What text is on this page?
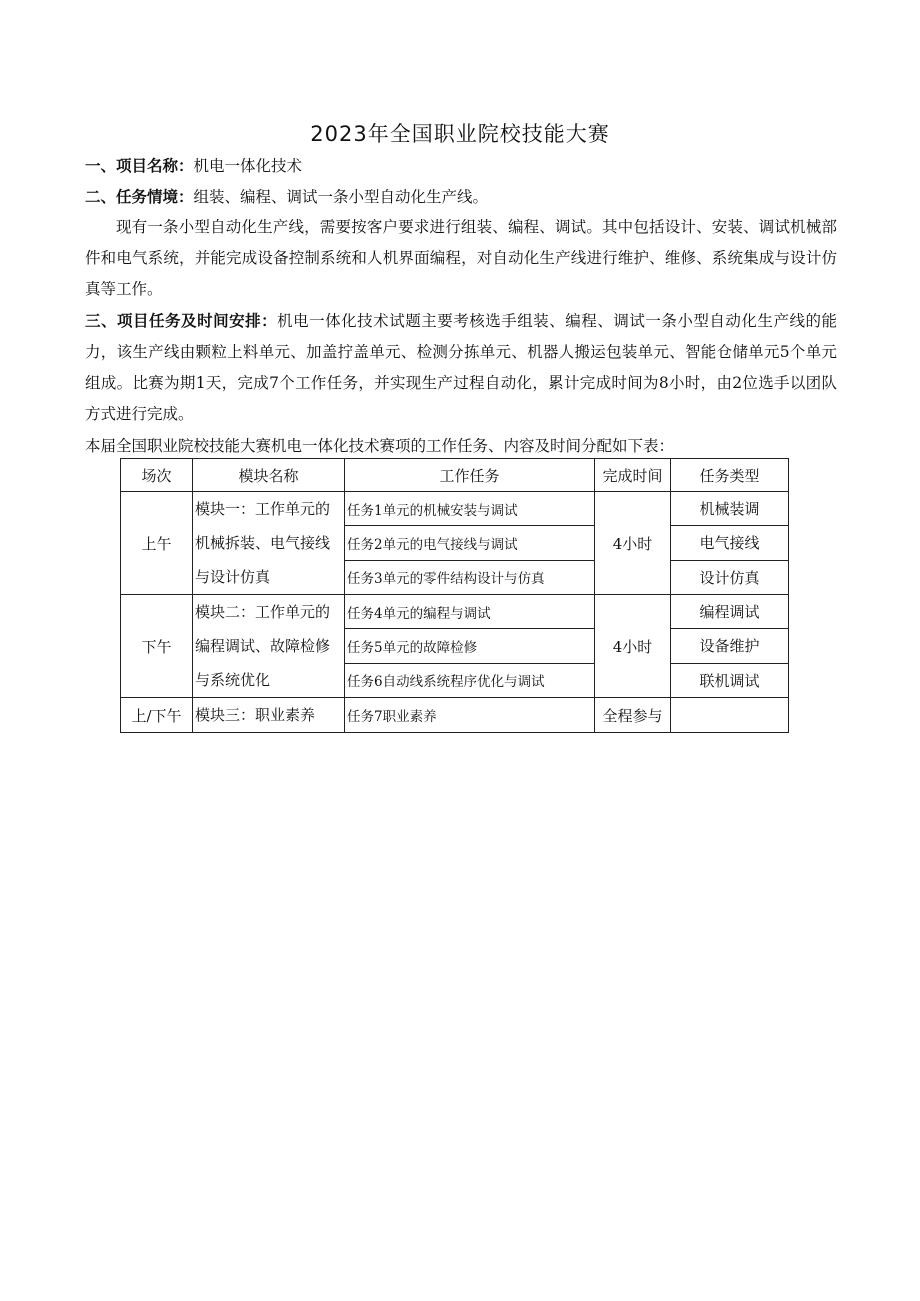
2023年全国职业院校技能大赛
一、项目名称：机电一体化技术
二、任务情境：组装、编程、调试一条小型自动化生产线。
现有一条小型自动化生产线，需要按客户要求进行组装、编程、调试。其中包括设计、安装、调试机械部件和电气系统，并能完成设备控制系统和人机界面编程，对自动化生产线进行维护、维修、系统集成与设计仿真等工作。
三、项目任务及时间安排：机电一体化技术试题主要考核选手组装、编程、调试一条小型自动化生产线的能力，该生产线由颗粒上料单元、加盖拧盖单元、检测分拣单元、机器人搬运包装单元、智能仓储单元5个单元组成。比赛为期1天，完成7个工作任务，并实现生产过程自动化，累计完成时间为8小时，由2位选手以团队方式进行完成。
本届全国职业院校技能大赛机电一体化技术赛项的工作任务、内容及时间分配如下表：
场次	模块名称	工作任务	完成时间	任务类型
上午	模块一：工作单元的机械拆装、电气接线与设计仿真	任务1单元的机械安装与调试	4小时	机械装调
		任务2单元的电气接线与调试		电气接线
		任务3单元的零件结构设计与仿真		设计仿真
下午	模块二：工作单元的编程调试、故障检修与系统优化	任务4单元的编程与调试	4小时	编程调试
		任务5单元的故障检修		设备维护
		任务6自动线系统程序优化与调试		联机调试
上/下午	模块三：职业素养	任务7职业素养	全程参与	
